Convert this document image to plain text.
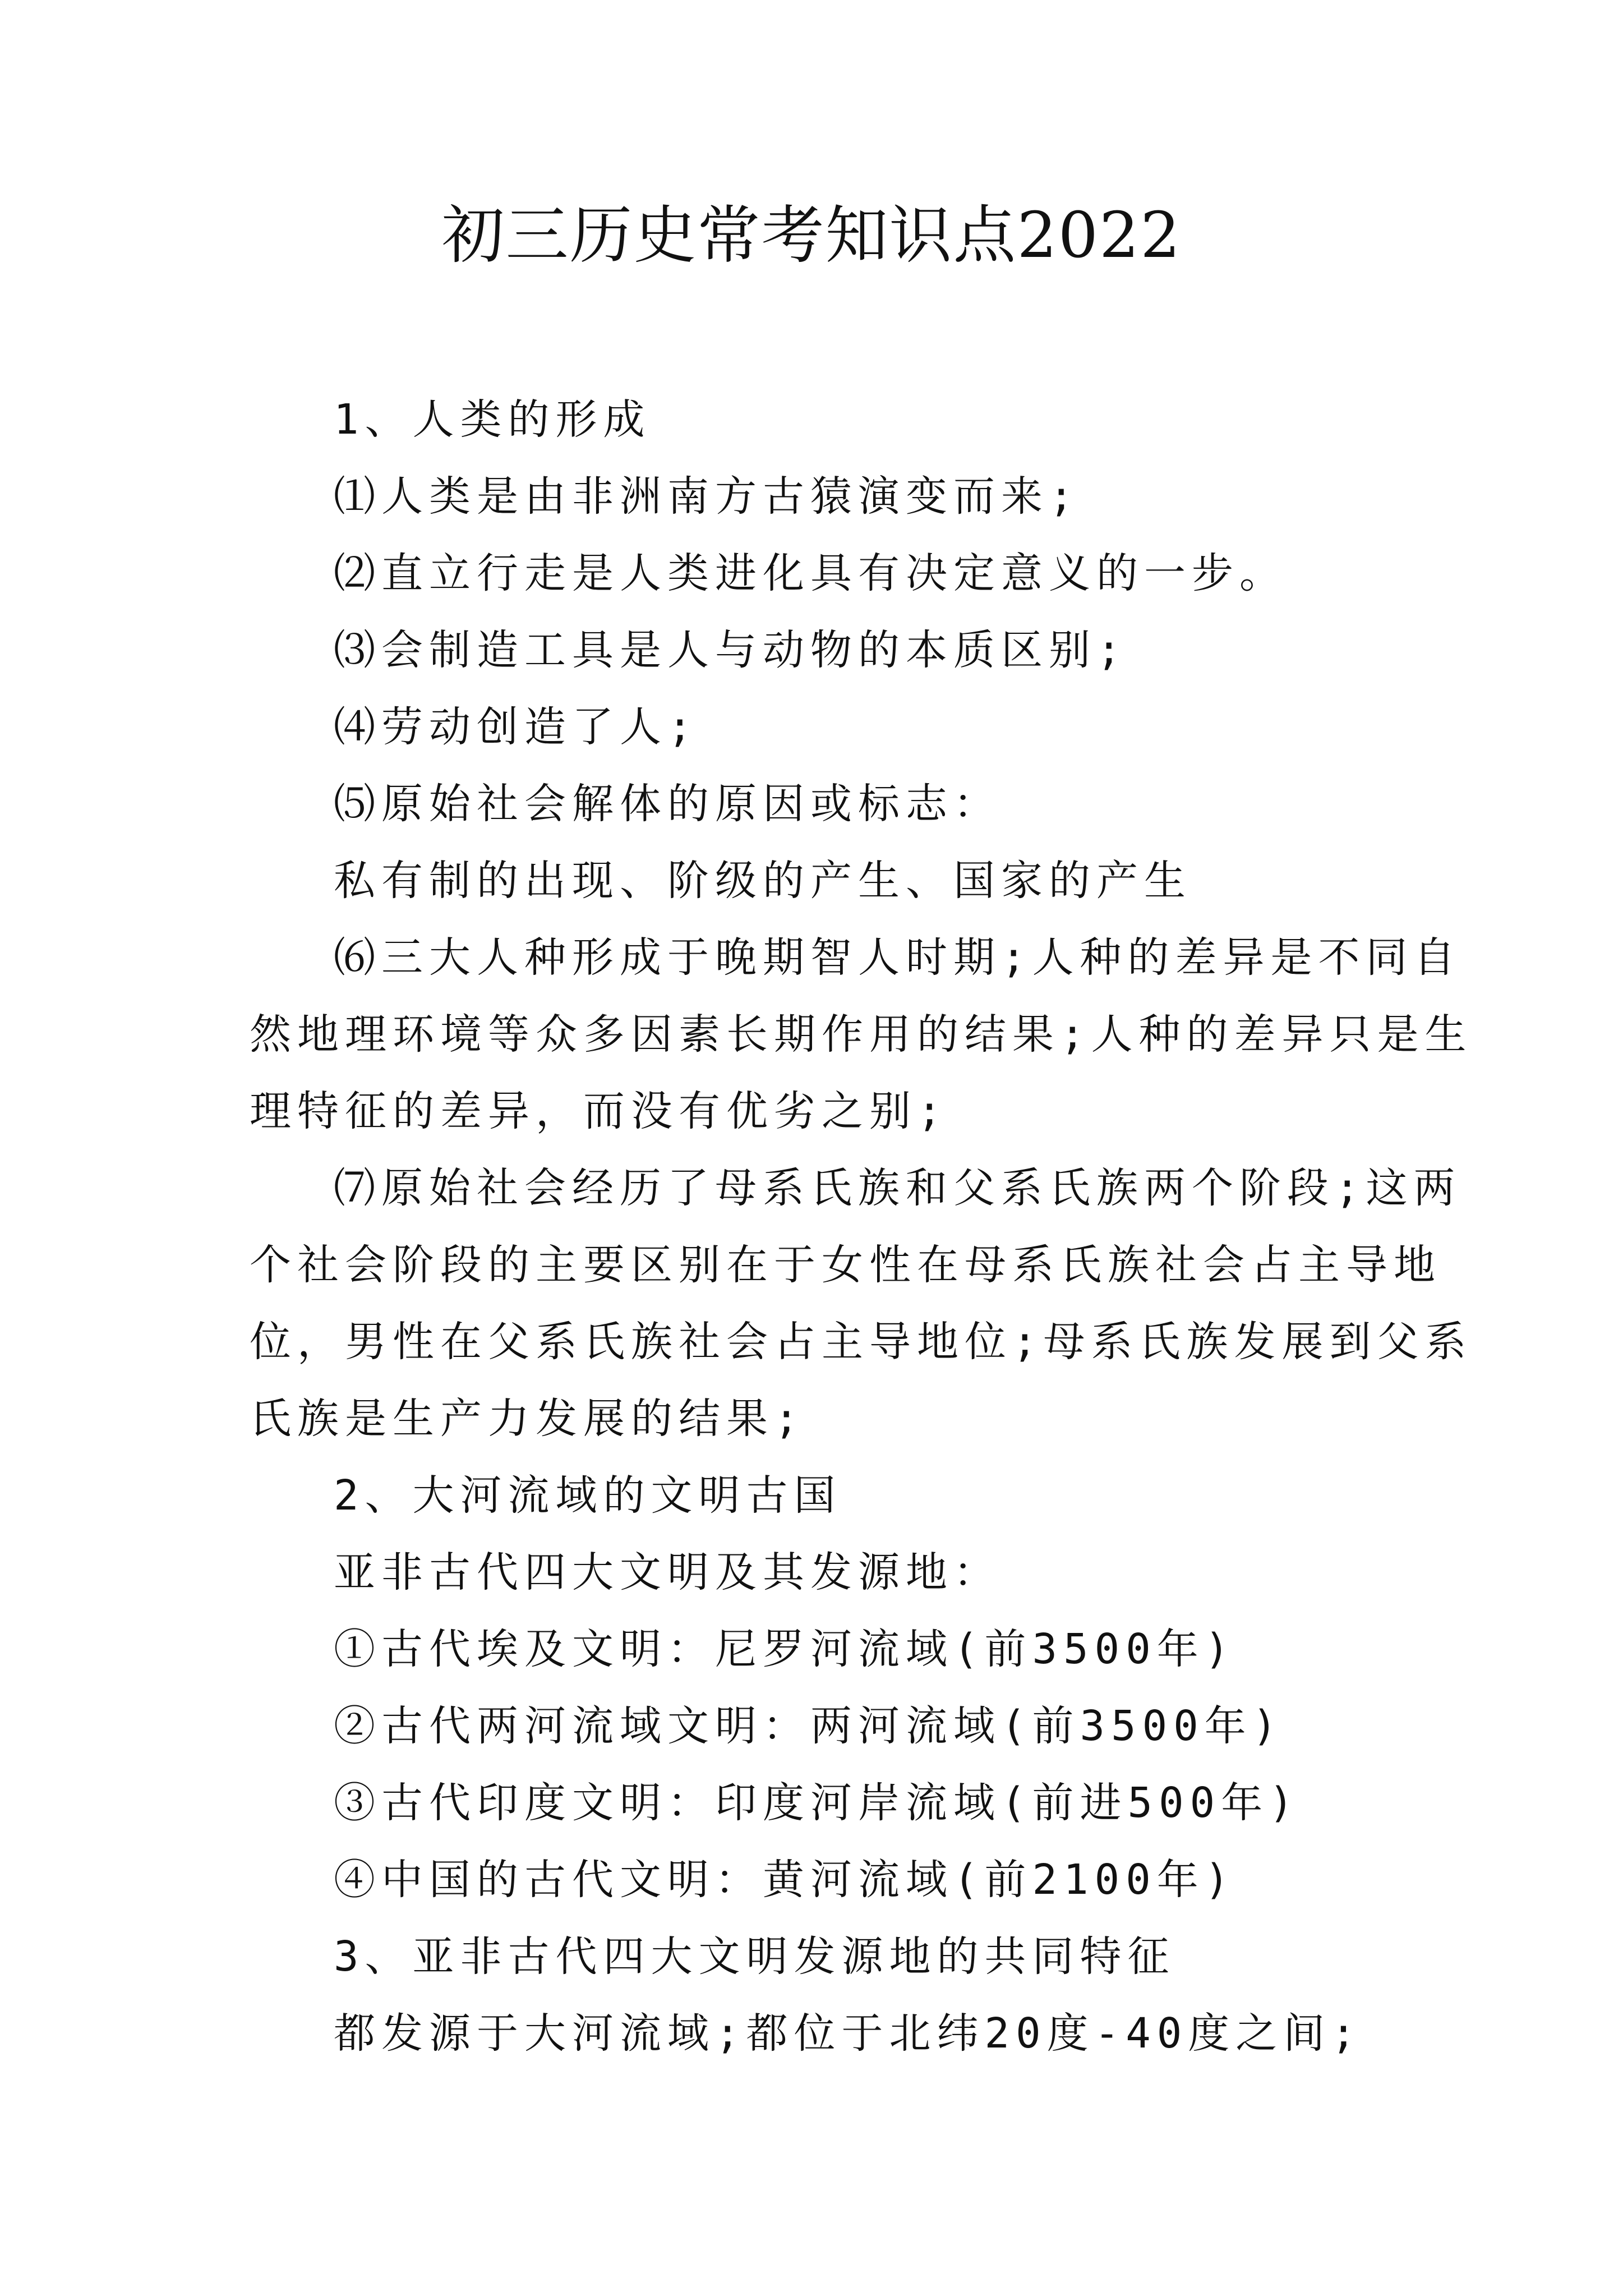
初三历史常考知识点2022

1、人类的形成

⑴人类是由非洲南方古猿演变而来;

⑵直立行走是人类进化具有决定意义的一步。

⑶会制造工具是人与动物的本质区别;

⑷劳动创造了人;

⑸原始社会解体的原因或标志：

私有制的出现、阶级的产生、国家的产生

⑹三大人种形成于晚期智人时期;人种的差异是不同自

然地理环境等众多因素长期作用的结果;人种的差异只是生

理特征的差异，而没有优劣之别;

⑺原始社会经历了母系氏族和父系氏族两个阶段;这两

个社会阶段的主要区别在于女性在母系氏族社会占主导地

位，男性在父系氏族社会占主导地位;母系氏族发展到父系

氏族是生产力发展的结果;

2、大河流域的文明古国

亚非古代四大文明及其发源地：

①古代埃及文明：尼罗河流域(前3500年)

②古代两河流域文明：两河流域(前3500年)

③古代印度文明：印度河岸流域(前进500年)

④中国的古代文明：黄河流域(前2100年)

3、亚非古代四大文明发源地的共同特征

都发源于大河流域;都位于北纬20度-40度之间;
